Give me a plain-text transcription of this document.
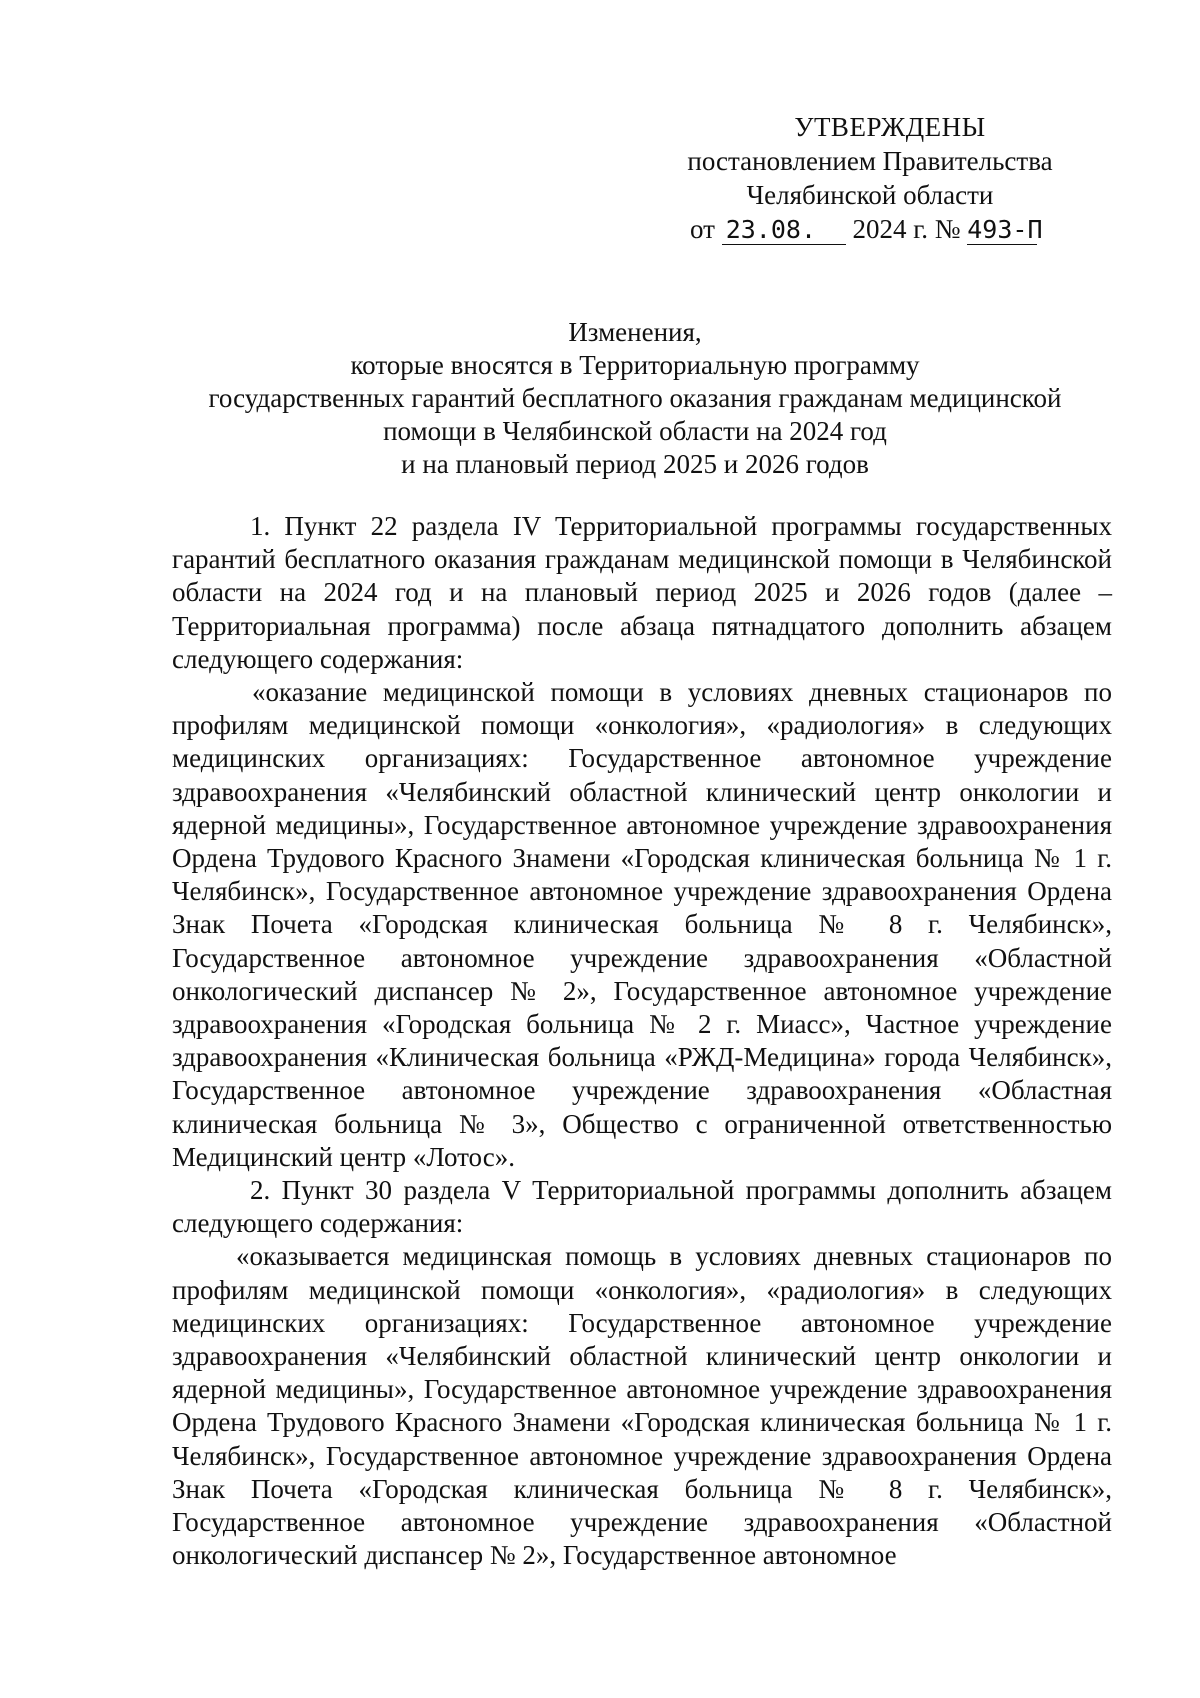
УТВЕРЖДЕНЫ
постановлением Правительства
Челябинской области
от 23.08. 2024 г. № 493-П
Изменения,
которые вносятся в Территориальную программу
государственных гарантий бесплатного оказания гражданам медицинской
помощи в Челябинской области на 2024 год
и на плановый период 2025 и 2026 годов

1. Пункт 22 раздела IV Территориальной программы государственных гарантий бесплатного оказания гражданам медицинской помощи в Челябинской области на 2024 год и на плановый период 2025 и 2026 годов (далее – Территориальная программа) после абзаца пятнадцатого дополнить абзацем следующего содержания:

«оказание медицинской помощи в условиях дневных стационаров по профилям медицинской помощи «онкология», «радиология» в следующих медицинских организациях: Государственное автономное учреждение здравоохранения «Челябинский областной клинический центр онкологии и ядерной медицины», Государственное автономное учреждение здравоохранения Ордена Трудового Красного Знамени «Городская клиническая больница № 1 г. Челябинск», Государственное автономное учреждение здравоохранения Ордена Знак Почета «Городская клиническая больница № 8 г. Челябинск», Государственное автономное учреждение здравоохранения «Областной онкологический диспансер № 2», Государственное автономное учреждение здравоохранения «Городская больница № 2 г. Миасс», Частное учреждение здравоохранения «Клиническая больница «РЖД-Медицина» города Челябинск», Государственное автономное учреждение здравоохранения «Областная клиническая больница № 3», Общество с ограниченной ответственностью Медицинский центр «Лотос».

2. Пункт 30 раздела V Территориальной программы дополнить абзацем следующего содержания:

«оказывается медицинская помощь в условиях дневных стационаров по профилям медицинской помощи «онкология», «радиология» в следующих медицинских организациях: Государственное автономное учреждение здравоохранения «Челябинский областной клинический центр онкологии и ядерной медицины», Государственное автономное учреждение здравоохранения Ордена Трудового Красного Знамени «Городская клиническая больница № 1 г. Челябинск», Государственное автономное учреждение здравоохранения Ордена Знак Почета «Городская клиническая больница № 8 г. Челябинск», Государственное автономное учреждение здравоохранения «Областной онкологический диспансер № 2», Государственное автономное
